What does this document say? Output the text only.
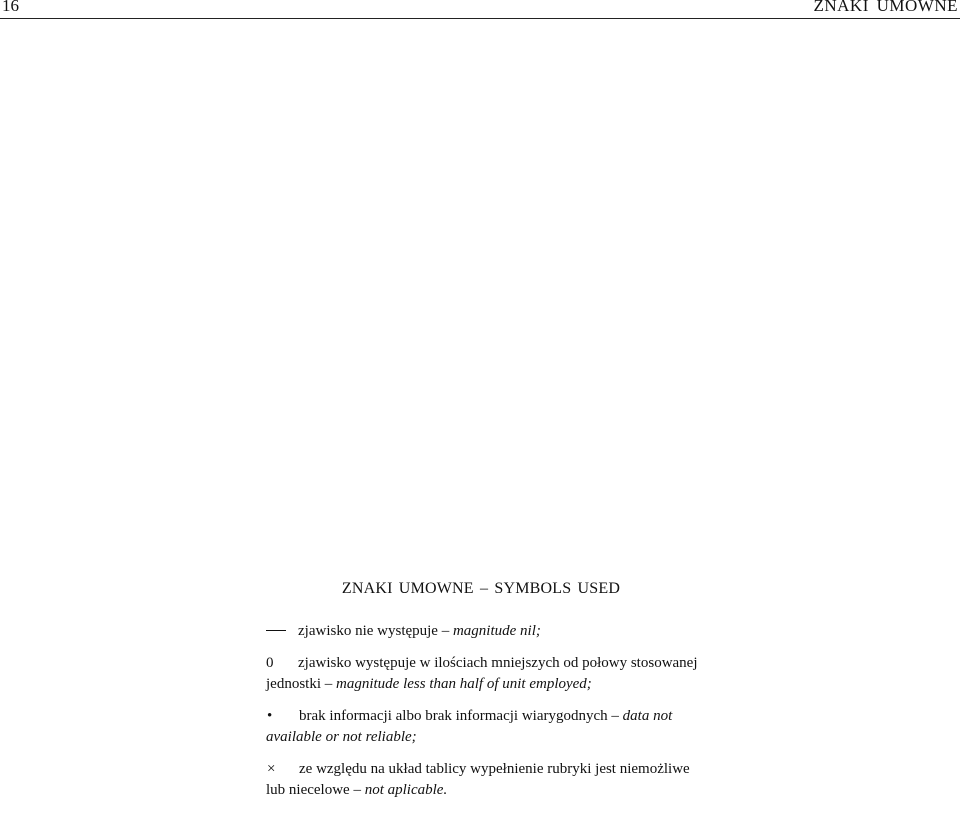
16	ZNAKI UMOWNE
ZNAKI UMOWNE – SYMBOLS USED

zjawisko nie występuje – magnitude nil;

0 zjawisko występuje w ilościach mniejszych od połowy stosowanej jednostki – magnitude less than half of unit employed;

• brak informacji albo brak informacji wiarygodnych – data not available or not reliable;

× ze względu na układ tablicy wypełnienie rubryki jest niemożliwe lub niecelowe – not aplicable.
